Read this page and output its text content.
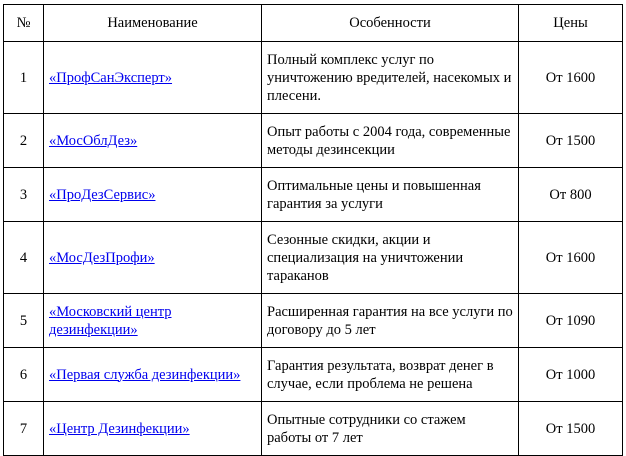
№	Наименование	Особенности	Цены
1	«ПрофСанЭксперт»	Полный комплекс услуг по уничтожению вредителей, насекомых и плесени.	От 1600
2	«МосОблДез»	Опыт работы с 2004 года, современные методы дезинсекции	От 1500
3	«ПроДезСервис»	Оптимальные цены и повышенная гарантия за услуги	От 800
4	«МосДезПрофи»	Сезонные скидки, акции и специализация на уничтожении тараканов	От 1600
5	«Московский центр дезинфекции»	Расширенная гарантия на все услуги по договору до 5 лет	От 1090
6	«Первая служба дезинфекции»	Гарантия результата, возврат денег в случае, если проблема не решена	От 1000
7	«Центр Дезинфекции»	Опытные сотрудники со стажем работы от 7 лет	От 1500
